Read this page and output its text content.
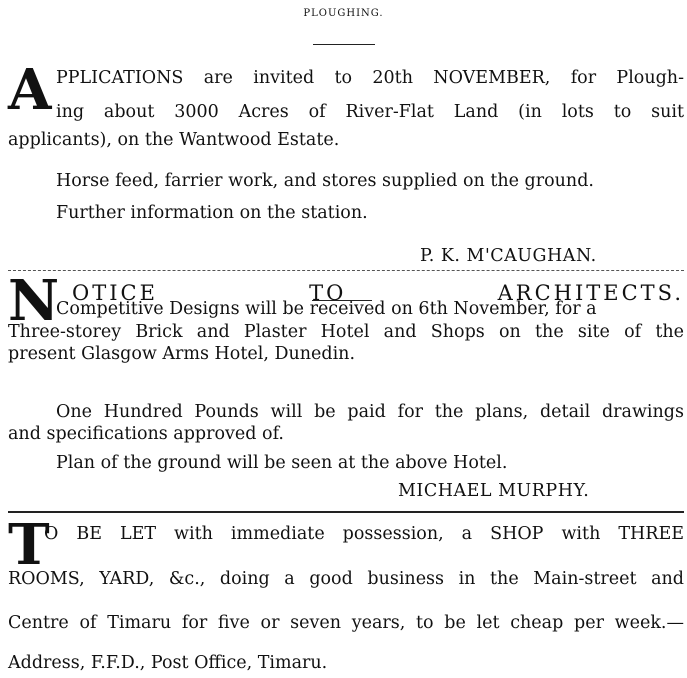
PLOUGHING.
A PPLICATIONS are invited to 20th NOVEMBER, for Plough-
ing about 3000 Acres of River-Flat Land (in lots to suit
applicants), on the Wantwood Estate.
Horse feed, farrier work, and stores supplied on the ground.
Further information on the station.
P. K. M'CAUGHAN.
N OTICE TO ARCHITECTS.
Competitive Designs will be received on 6th November, for a
Three-storey Brick and Plaster Hotel and Shops on the site of the
present Glasgow Arms Hotel, Dunedin.
One Hundred Pounds will be paid for the plans, detail drawings
and specifications approved of.
Plan of the ground will be seen at the above Hotel.
MICHAEL MURPHY.
T
O BE LET with immediate possession, a SHOP with THREE
ROOMS, YARD, &c., doing a good business in the Main-street and
Centre of Timaru for five or seven years, to be let cheap per week.—
Address, F.F.D., Post Office, Timaru.
